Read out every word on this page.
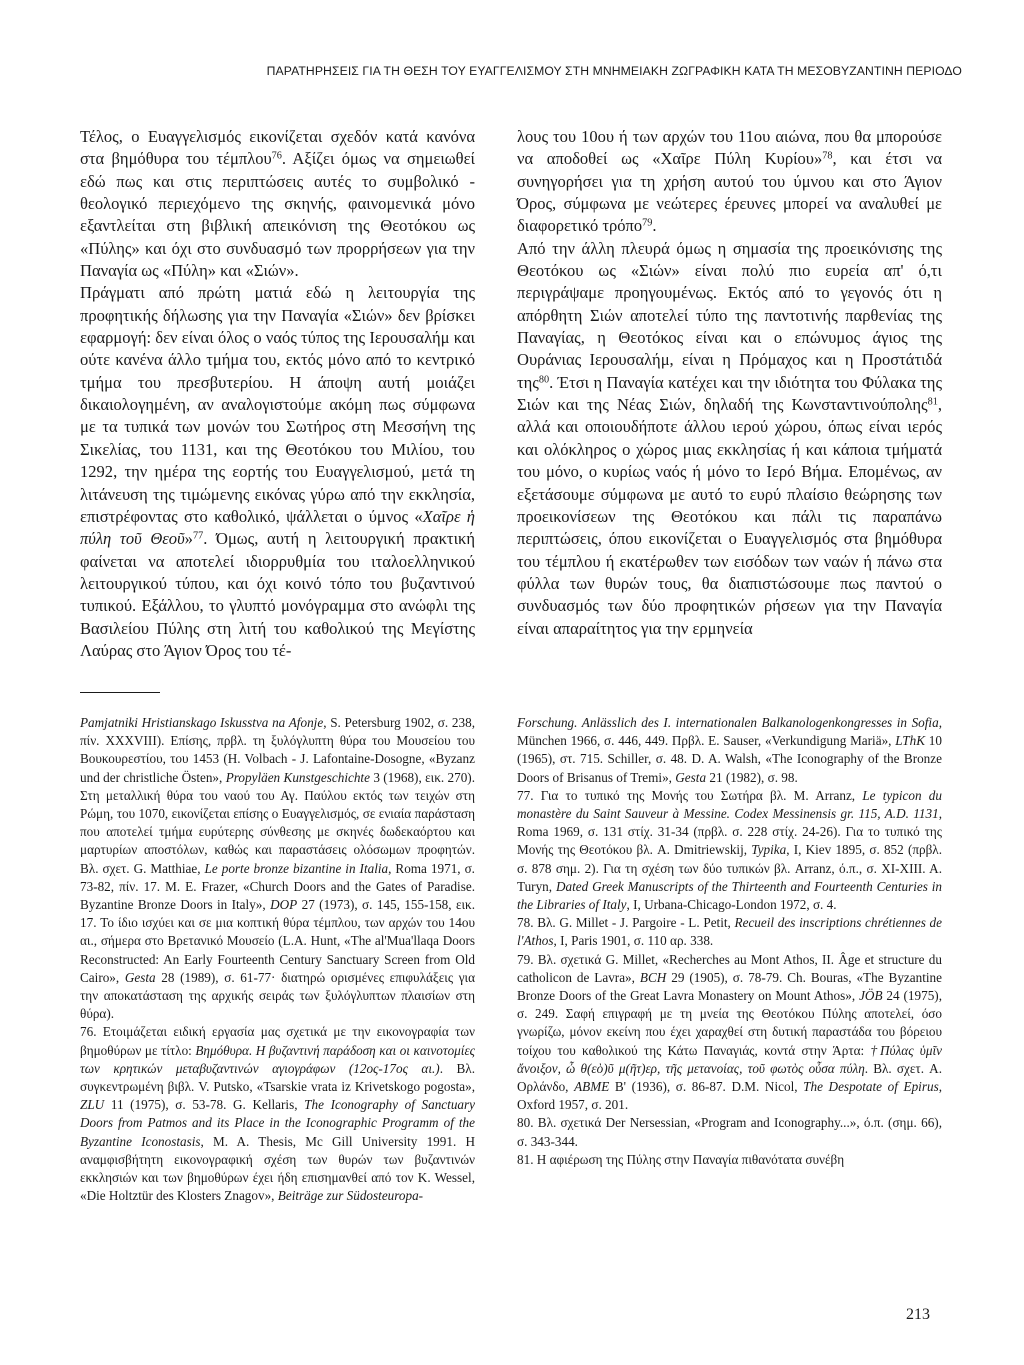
ΠΑΡΑΤΗΡΗΣΕΙΣ ΓΙΑ ΤΗ ΘΕΣΗ ΤΟΥ ΕΥΑΓΓΕΛΙΣΜΟΥ ΣΤΗ ΜΝΗΜΕΙΑΚΗ ΖΩΓΡΑΦΙΚΗ ΚΑΤΑ ΤΗ ΜΕΣΟΒΥΖΑΝΤΙΝΗ ΠΕΡΙΟΔΟ

Τέλος, ο Ευαγγελισμός εικονίζεται σχεδόν κατά κανόνα στα βημόθυρα του τέμπλου$^{76}$. Αξίζει όμως να σημειωθεί εδώ πως και στις περιπτώσεις αυτές το συμβολικό - θεολογικό περιεχόμενο της σκηνής, φαινομενικά μόνο εξαντλείται στη βιβλική απεικόνιση της Θεοτόκου ως «Πύλης» και όχι στο συνδυασμό των προρρήσεων για την Παναγία ως «Πύλη» και «Σιών».

Πράγματι από πρώτη ματιά εδώ η λειτουργία της προφητικής δήλωσης για την Παναγία «Σιών» δεν βρίσκει εφαρμογή: δεν είναι όλος ο ναός τύπος της Ιερουσαλήμ και ούτε κανένα άλλο τμήμα του, εκτός μόνο από το κεντρικό τμήμα του πρεσβυτερίου. Η άποψη αυτή μοιάζει δικαιολογημένη, αν αναλογιστούμε ακόμη πως σύμφωνα με τα τυπικά των μονών του Σωτήρος στη Μεσσήνη της Σικελίας, του 1131, και της Θεοτόκου του Μιλίου, του 1292, την ημέρα της εορτής του Ευαγγελισμού, μετά τη λιτάνευση της τιμώμενης εικόνας γύρω από την εκκλησία, επιστρέφοντας στο καθολικό, ψάλλεται ο ύμνος «Χαῖρε ἡ πύλη τοῦ Θεοῦ»$^{77}$. Όμως, αυτή η λειτουργική πρακτική φαίνεται να αποτελεί ιδιορρυθμία του ιταλοελληνικού λειτουργικού τύπου, και όχι κοινό τόπο του βυζαντινού τυπικού. Εξάλλου, το γλυπτό μονόγραμμα στο ανώφλι της Βασιλείου Πύλης στη λιτή του καθολικού της Μεγίστης Λαύρας στο Άγιον Όρος του τέ-

λους του 10ου ή των αρχών του 11ου αιώνα, που θα μπορούσε να αποδοθεί ως «Χαῖρε Πύλη Κυρίου»$^{78}$, και έτσι να συνηγορήσει για τη χρήση αυτού του ύμνου και στο Άγιον Όρος, σύμφωνα με νεώτερες έρευνες μπορεί να αναλυθεί με διαφορετικό τρόπο$^{79}$.

Από την άλλη πλευρά όμως η σημασία της προεικόνισης της Θεοτόκου ως «Σιών» είναι πολύ πιο ευρεία απ' ό,τι περιγράψαμε προηγουμένως. Εκτός από το γεγονός ότι η απόρθητη Σιών αποτελεί τύπο της παντοτινής παρθενίας της Παναγίας, η Θεοτόκος είναι και ο επώνυμος άγιος της Ουράνιας Ιερουσαλήμ, είναι η Πρόμαχος και η Προστάτιδά της$^{80}$. Έτσι η Παναγία κατέχει και την ιδιότητα του Φύλακα της Σιών και της Νέας Σιών, δηλαδή της Κωνσταντινούπολης$^{81}$, αλλά και οποιουδήποτε άλλου ιερού χώρου, όπως είναι ιερός και ολόκληρος ο χώρος μιας εκκλησίας ή και κάποια τμήματά του μόνο, ο κυρίως ναός ή μόνο το Ιερό Βήμα. Επομένως, αν εξετάσουμε σύμφωνα με αυτό το ευρύ πλαίσιο θεώρησης των προεικονίσεων της Θεοτόκου και πάλι τις παραπάνω περιπτώσεις, όπου εικονίζεται ο Ευαγγελισμός στα βημόθυρα του τέμπλου ή εκατέρωθεν των εισόδων των ναών ή πάνω στα φύλλα των θυρών τους, θα διαπιστώσουμε πως παντού ο συνδυασμός των δύο προφητικών ρήσεων για την Παναγία είναι απαραίτητος για την ερμηνεία

Pamjatniki Hristianskago Iskusstva na Afonje, S. Petersburg 1902, σ. 238, πίν. XXXVIII). Επίσης, πρβλ. τη ξυλόγλυπτη θύρα του Μουσείου του Βουκουρεστίου, του 1453 (H. Volbach - J. Lafontaine-Dosogne, «Byzanz und der christliche Östen», Propyläen Kunstgeschichte 3 (1968), εικ. 270). Στη μεταλλική θύρα του ναού του Αγ. Παύλου εκτός των τειχών στη Ρώμη, του 1070, εικονίζεται επίσης ο Ευαγγελισμός, σε ενιαία παράσταση που αποτελεί τμήμα ευρύτερης σύνθεσης με σκηνές δωδεκαόρτου και μαρτυρίων αποστόλων, καθώς και παραστάσεις ολόσωμων προφητών. Βλ. σχετ. G. Matthiae, Le porte bronze bizantine in Italia, Roma 1971, σ. 73-82, πίν. 17. M. E. Frazer, «Church Doors and the Gates of Paradise. Byzantine Bronze Doors in Italy», DOP 27 (1973), σ. 145, 155-158, εικ. 17. Το ίδιο ισχύει και σε μια κοπτική θύρα τέμπλου, των αρχών του 14ου αι., σήμερα στο Βρετανικό Μουσείο (L.A. Hunt, «The al'Mua'llaqa Doors Reconstructed: An Early Fourteenth Century Sanctuary Screen from Old Cairo», Gesta 28 (1989), σ. 61-77· διατηρώ ορισμένες επιφυλάξεις για την αποκατάσταση της αρχικής σειράς των ξυλόγλυπτων πλαισίων στη θύρα).

76. Ετοιμάζεται ειδική εργασία μας σχετικά με την εικονογραφία των βημοθύρων με τίτλο: Βημόθυρα. Η βυζαντινή παράδοση και οι καινοτομίες των κρητικών μεταβυζαντινών αγιογράφων (12ος-17ος αι.). Βλ. συγκεντρωμένη βιβλ. V. Putsko, «Tsarskie vrata iz Krivetskogo pogosta», ZLU 11 (1975), σ. 53-78. G. Kellaris, The Iconography of Sanctuary Doors from Patmos and its Place in the Iconographic Programm of the Byzantine Iconostasis, M. A. Thesis, Mc Gill University 1991. Η αναμφισβήτητη εικονογραφική σχέση των θυρών των βυζαντινών εκκλησιών και των βημοθύρων έχει ήδη επισημανθεί από τον K. Wessel, «Die Holtztür des Klosters Znagov», Beiträge zur Südosteuropa-

Forschung. Anlässlich des I. internationalen Balkanologenkongresses in Sofia, München 1966, σ. 446, 449. Πρβλ. E. Sauser, «Verkundigung Mariä», LThK 10 (1965), στ. 715. Schiller, σ. 48. D. A. Walsh, «The Iconography of the Bronze Doors of Brisanus of Tremi», Gesta 21 (1982), σ. 98.

77. Για το τυπικό της Μονής του Σωτήρα βλ. M. Arranz, Le typicon du monastère du Saint Sauveur à Messine. Codex Messinensis gr. 115, A.D. 1131, Roma 1969, σ. 131 στίχ. 31-34 (πρβλ. σ. 228 στίχ. 24-26). Για το τυπικό της Μονής της Θεοτόκου βλ. A. Dmitriewskij, Typika, I, Kiev 1895, σ. 852 (πρβλ. σ. 878 σημ. 2). Για τη σχέση των δύο τυπικών βλ. Arranz, ό.π., σ. XI-XIII. A. Turyn, Dated Greek Manuscripts of the Thirteenth and Fourteenth Centuries in the Libraries of Italy, I, Urbana-Chicago-London 1972, σ. 4.

78. Βλ. G. Millet - J. Pargoire - L. Petit, Recueil des inscriptions chrétiennes de l'Athos, I, Paris 1901, σ. 110 αρ. 338.

79. Βλ. σχετικά G. Millet, «Recherches au Mont Athos, II. Âge et structure du catholicon de Lavra», BCH 29 (1905), σ. 78-79. Ch. Bouras, «The Byzantine Bronze Doors of the Great Lavra Monastery on Mount Athos», JÖB 24 (1975), σ. 249. Σαφή επιγραφή με τη μνεία της Θεοτόκου Πύλης αποτελεί, όσο γνωρίζω, μόνον εκείνη που έχει χαραχθεί στη δυτική παραστάδα του βόρειου τοίχου του καθολικού της Κάτω Παναγιάς, κοντά στην Άρτα: †Πύλας ὑμῖν ἄνοιξον, ὦ θ(εὸ)ῦ μ(ῆτ)ερ, τῆς μετανοίας, τοῦ φωτὸς οὖσα πύλη. Βλ. σχετ. A. Ορλάνδο, ΑΒΜΕ Β' (1936), σ. 86-87. D.M. Nicol, The Despotate of Epirus, Oxford 1957, σ. 201.

80. Βλ. σχετικά Der Nersessian, «Program and Iconography...», ό.π. (σημ. 66), σ. 343-344.

81. Η αφιέρωση της Πύλης στην Παναγία πιθανότατα συνέβη

213
